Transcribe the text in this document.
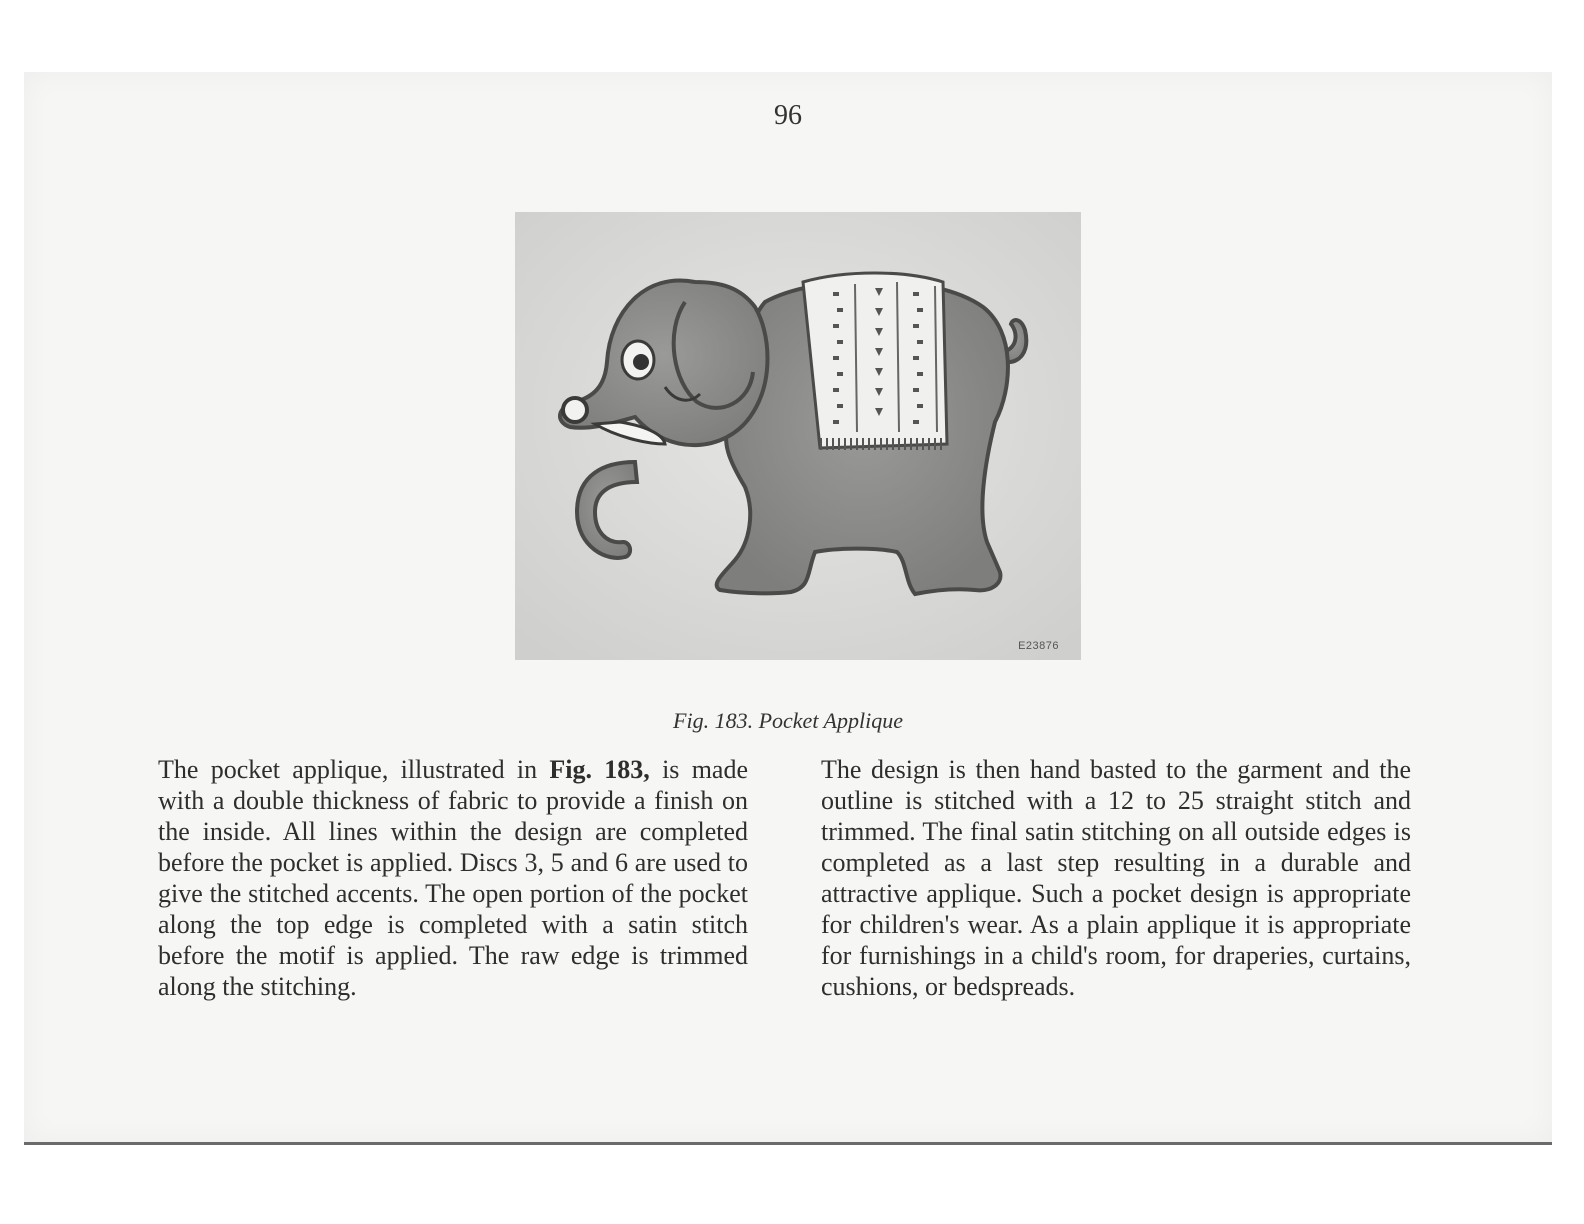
96
E23876
Fig. 183. Pocket Applique

The pocket applique, illustrated in Fig. 183, is made with a double thickness of fabric to provide a finish on the inside. All lines within the design are completed before the pocket is applied. Discs 3, 5 and 6 are used to give the stitched accents. The open portion of the pocket along the top edge is completed with a satin stitch before the motif is applied. The raw edge is trimmed along the stitching.

The design is then hand basted to the garment and the outline is stitched with a 12 to 25 straight stitch and trimmed. The final satin stitching on all outside edges is completed as a last step resulting in a durable and attractive applique. Such a pocket design is appropriate for children's wear. As a plain applique it is appropriate for furnishings in a child's room, for draperies, curtains, cushions, or bedspreads.
